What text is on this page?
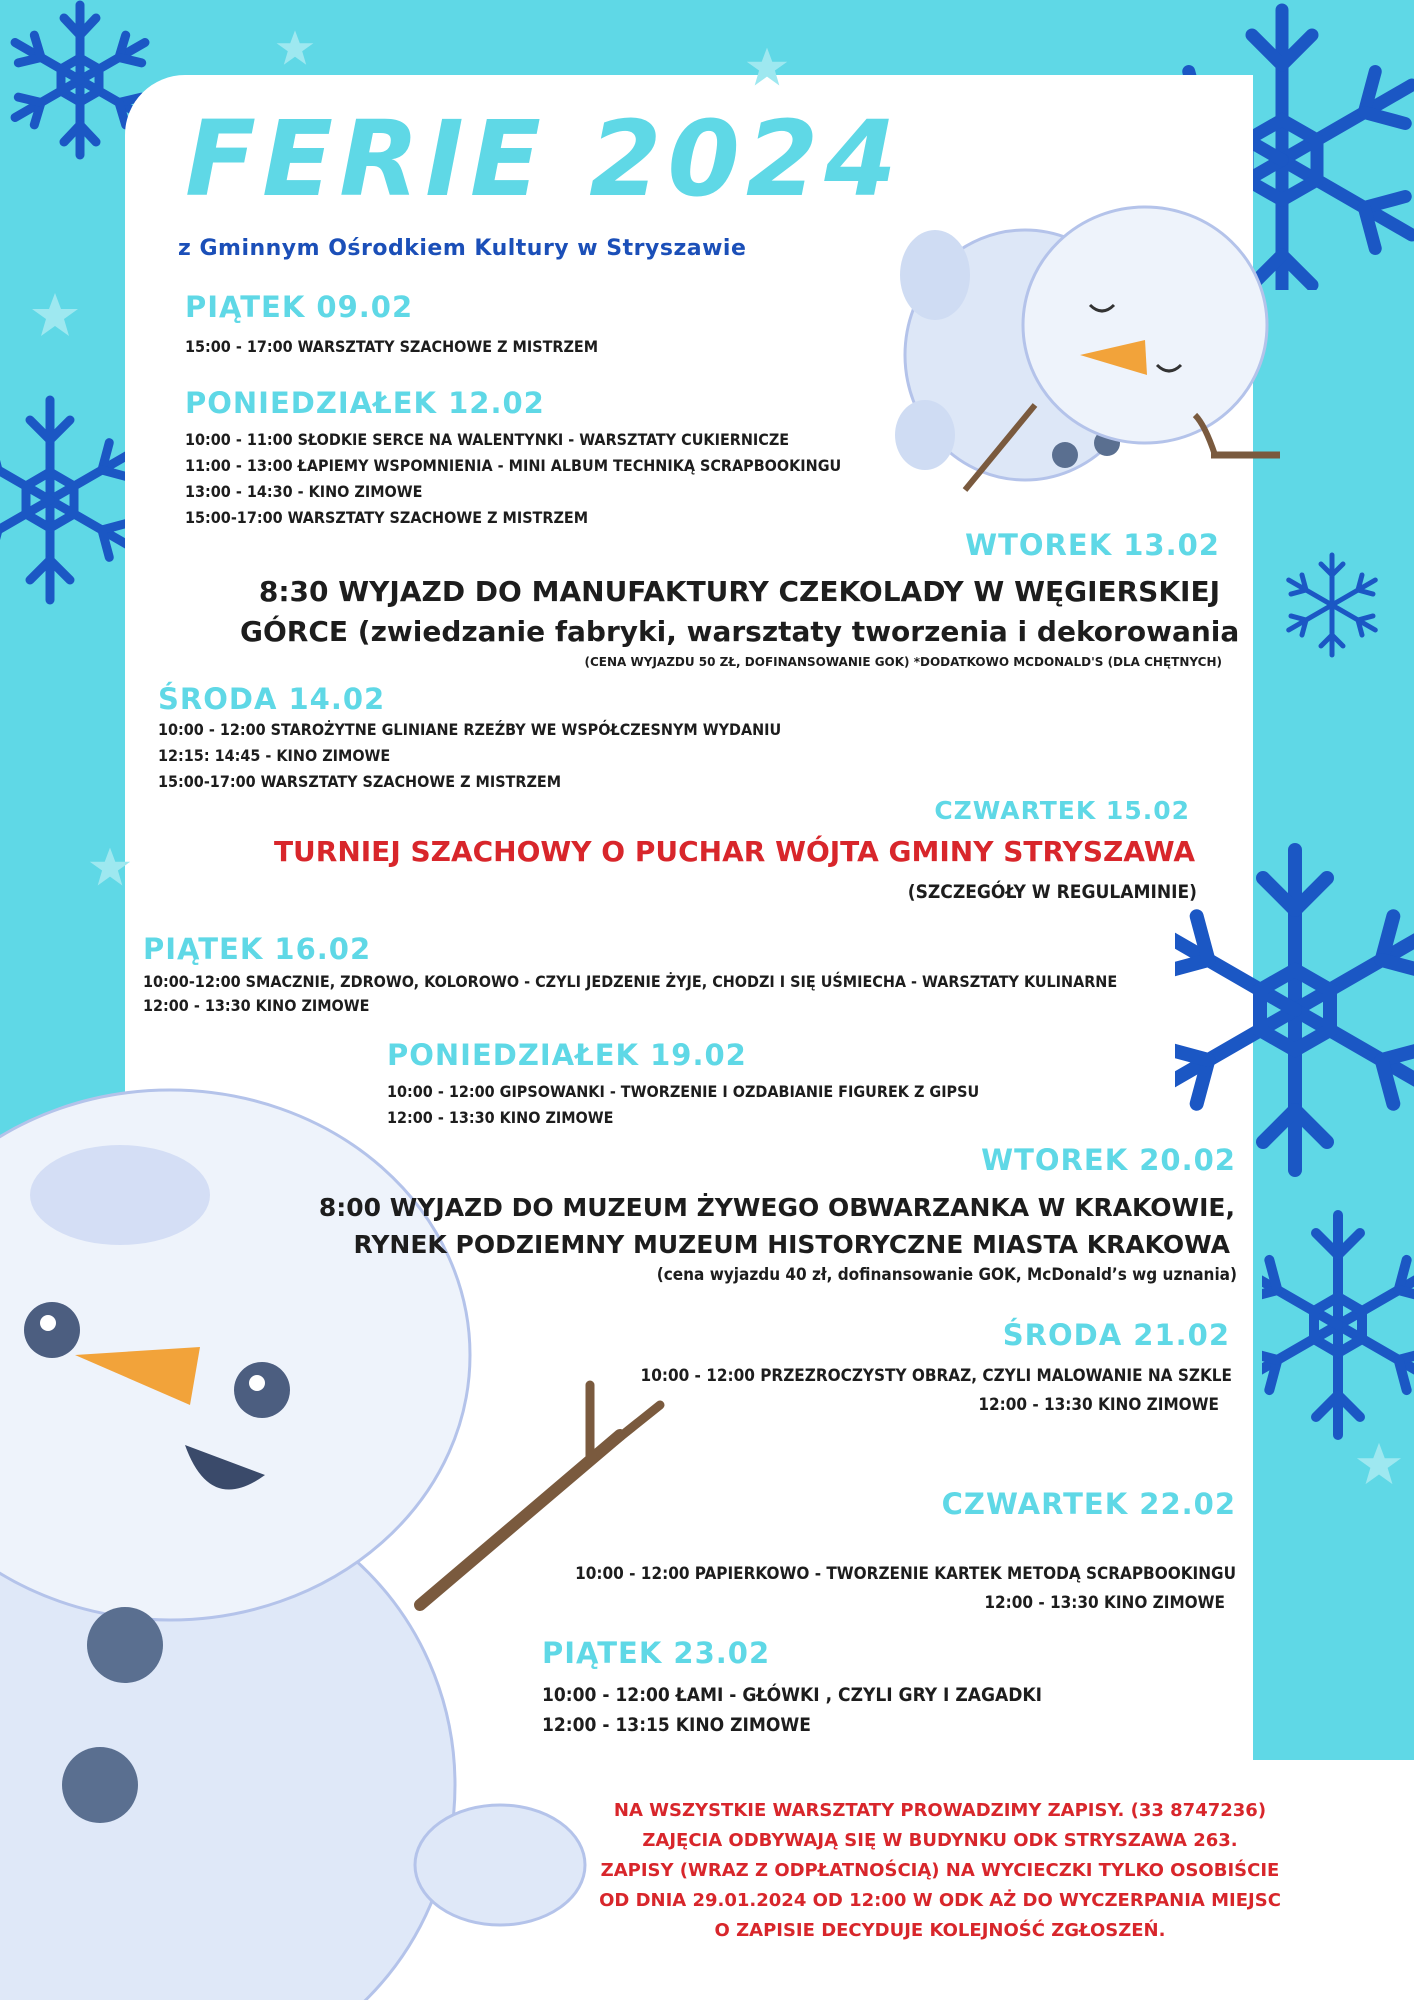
FERIE 2024
z Gminnym Ośrodkiem Kultury w Stryszawie
PIĄTEK 09.02
15:00 - 17:00 WARSZTATY SZACHOWE Z MISTRZEM
PONIEDZIAŁEK 12.02
10:00 - 11:00 SŁODKIE SERCE NA WALENTYNKI - WARSZTATY CUKIERNICZE
11:00 - 13:00 ŁAPIEMY WSPOMNIENIA - MINI ALBUM TECHNIKĄ SCRAPBOOKINGU
13:00 - 14:30 - KINO ZIMOWE
15:00-17:00 WARSZTATY SZACHOWE Z MISTRZEM
WTOREK 13.02
8:30 WYJAZD DO MANUFAKTURY CZEKOLADY W WĘGIERSKIEJ
GÓRCE (zwiedzanie fabryki, warsztaty tworzenia i dekorowania
(CENA WYJAZDU 50 ZŁ, DOFINANSOWANIE GOK) *DODATKOWO MCDONALD'S (DLA CHĘTNYCH)
ŚRODA 14.02
10:00 - 12:00 STAROŻYTNE GLINIANE RZEŹBY WE WSPÓŁCZESNYM WYDANIU
12:15: 14:45 - KINO ZIMOWE
15:00-17:00 WARSZTATY SZACHOWE Z MISTRZEM
CZWARTEK 15.02
TURNIEJ SZACHOWY O PUCHAR WÓJTA GMINY STRYSZAWA
(SZCZEGÓŁY W REGULAMINIE)
PIĄTEK 16.02
10:00-12:00 SMACZNIE, ZDROWO, KOLOROWO - CZYLI JEDZENIE ŻYJE, CHODZI I SIĘ UŚMIECHA - WARSZTATY KULINARNE
12:00 - 13:30 KINO ZIMOWE
PONIEDZIAŁEK 19.02
10:00 - 12:00 GIPSOWANKI - TWORZENIE I OZDABIANIE FIGUREK Z GIPSU
12:00 - 13:30 KINO ZIMOWE
WTOREK 20.02
8:00 WYJAZD DO MUZEUM ŻYWEGO OBWARZANKA W KRAKOWIE,
RYNEK PODZIEMNY MUZEUM HISTORYCZNE MIASTA KRAKOWA
(cena wyjazdu 40 zł, dofinansowanie GOK, McDonald’s wg uznania)
ŚRODA 21.02
10:00 - 12:00 PRZEZROCZYSTY OBRAZ, CZYLI MALOWANIE NA SZKLE
12:00 - 13:30 KINO ZIMOWE
CZWARTEK 22.02
10:00 - 12:00 PAPIERKOWO - TWORZENIE KARTEK METODĄ SCRAPBOOKINGU
12:00 - 13:30 KINO ZIMOWE
PIĄTEK 23.02
10:00 - 12:00 ŁAMI - GŁÓWKI , CZYLI GRY I ZAGADKI
12:00 - 13:15 KINO ZIMOWE
NA WSZYSTKIE WARSZTATY PROWADZIMY ZAPISY. (33 8747236)
ZAJĘCIA ODBYWAJĄ SIĘ W BUDYNKU ODK STRYSZAWA 263.
ZAPISY (WRAZ Z ODPŁATNOŚCIĄ) NA WYCIECZKI TYLKO OSOBIŚCIE
OD DNIA 29.01.2024 OD 12:00 W ODK AŻ DO WYCZERPANIA MIEJSC
O ZAPISIE DECYDUJE KOLEJNOŚĆ ZGŁOSZEŃ.
